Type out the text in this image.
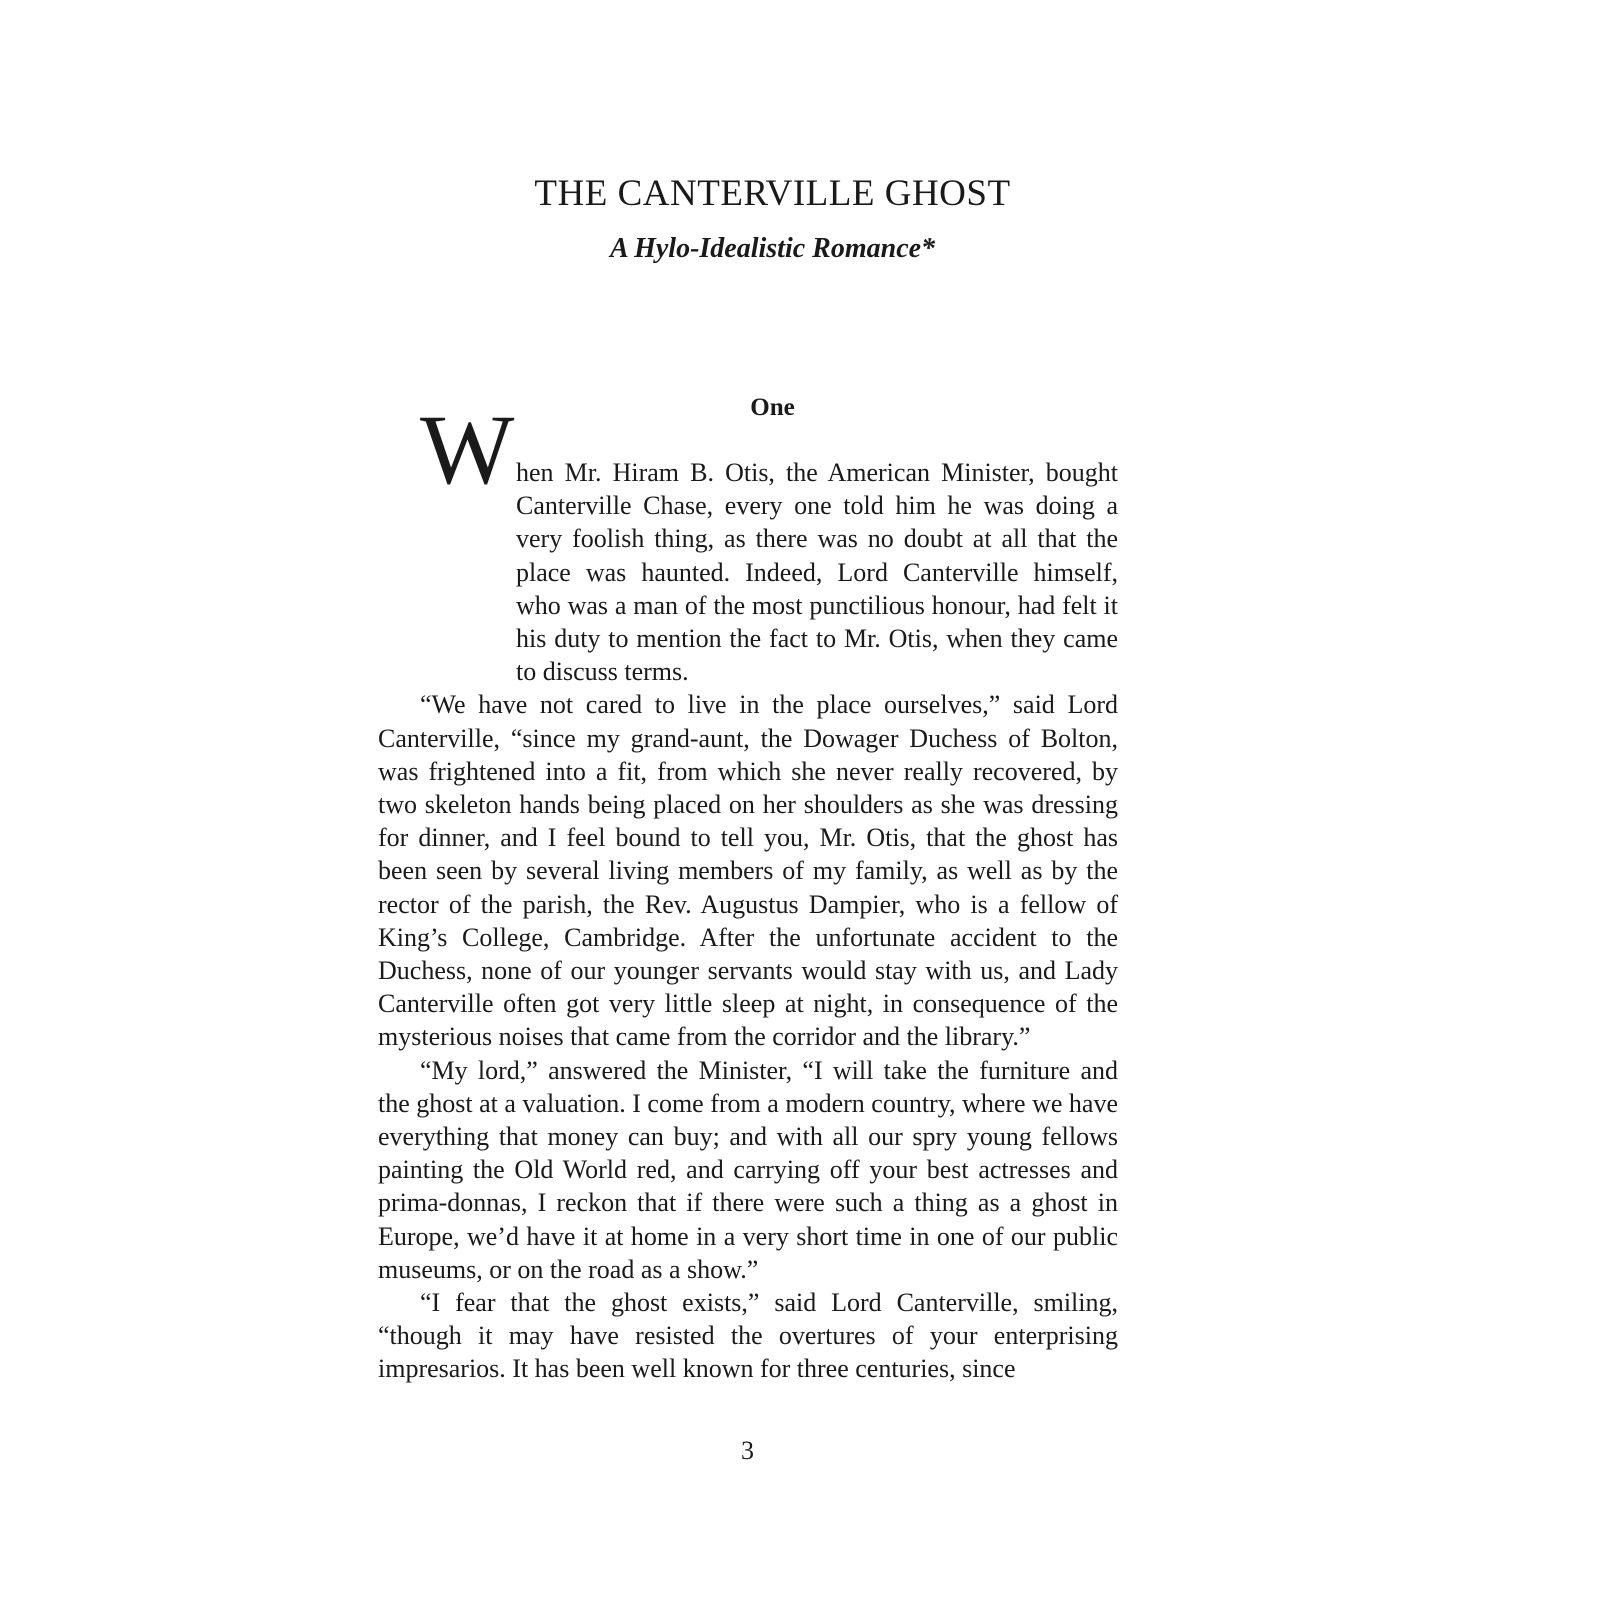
THE CANTERVILLE GHOST
A Hylo-Idealistic Romance*
One
W hen Mr. Hiram B. Otis, the American Minister, bought Canterville Chase, every one told him he was doing a very foolish thing, as there was no doubt at all that the place was haunted. Indeed, Lord Canterville himself, who was a man of the most punctilious honour, had felt it his duty to mention the fact to Mr. Otis, when they came to discuss terms.

“We have not cared to live in the place ourselves,” said Lord Canterville, “since my grand-aunt, the Dowager Duchess of Bolton, was frightened into a fit, from which she never really recovered, by two skeleton hands being placed on her shoulders as she was dressing for dinner, and I feel bound to tell you, Mr. Otis, that the ghost has been seen by several living members of my family, as well as by the rector of the parish, the Rev. Augustus Dampier, who is a fellow of King’s College, Cambridge. After the unfortunate accident to the Duchess, none of our younger servants would stay with us, and Lady Canterville often got very little sleep at night, in consequence of the mysterious noises that came from the corridor and the library.”

“My lord,” answered the Minister, “I will take the furniture and the ghost at a valuation. I come from a modern country, where we have everything that money can buy; and with all our spry young fellows painting the Old World red, and carrying off your best actresses and prima-donnas, I reckon that if there were such a thing as a ghost in Europe, we’d have it at home in a very short time in one of our public museums, or on the road as a show.”

“I fear that the ghost exists,” said Lord Canterville, smiling, “though it may have resisted the overtures of your enterprising impresarios. It has been well known for three centuries, since

3
